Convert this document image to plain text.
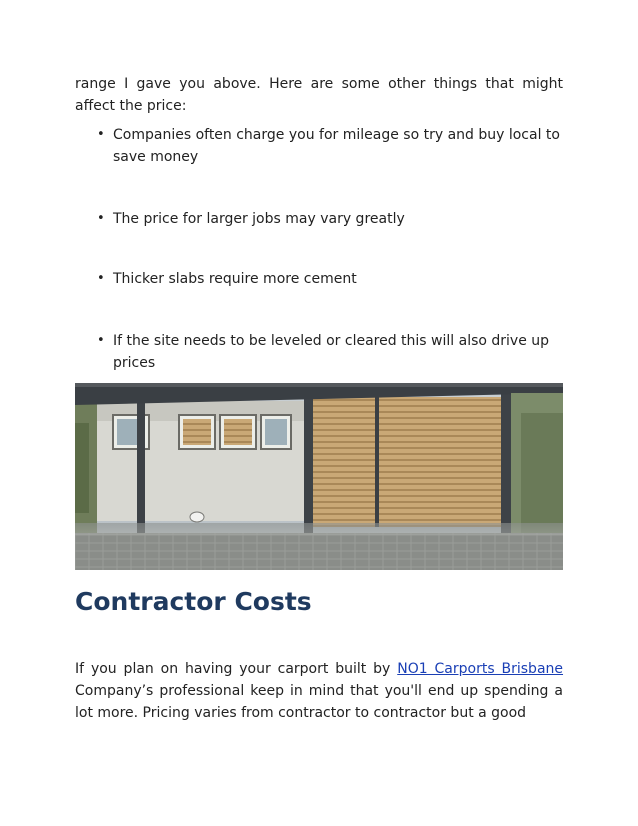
range I gave you above. Here are some other things that might affect the price:

• Companies often charge you for mileage so try and buy local to save money
• The price for larger jobs may vary greatly
• Thicker slabs require more cement
• If the site needs to be leveled or cleared this will also drive up prices
Contractor Costs

If you plan on having your carport built by NO1 Carports Brisbane Company’s professional keep in mind that you'll end up spending a lot more. Pricing varies from contractor to contractor but a good
